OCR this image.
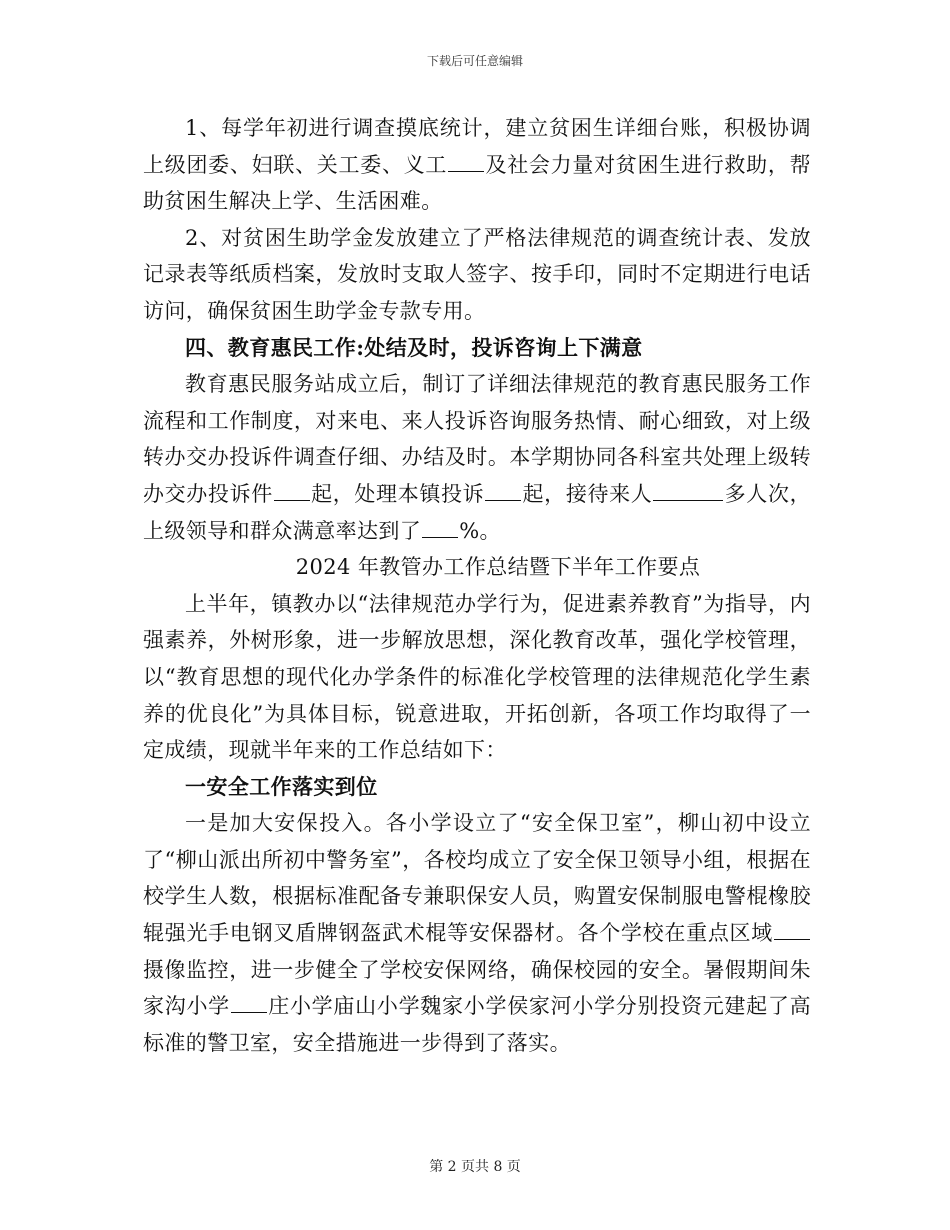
下载后可任意编辑

1、每学年初进行调查摸底统计，建立贫困生详细台账，积极协调上级团委、妇联、关工委、义工 及社会力量对贫困生进行救助，帮助贫困生解决上学、生活困难。

2、对贫困生助学金发放建立了严格法律规范的调查统计表、发放记录表等纸质档案，发放时支取人签字、按手印，同时不定期进行电话访问，确保贫困生助学金专款专用。

四、教育惠民工作:处结及时，投诉咨询上下满意

教育惠民服务站成立后，制订了详细法律规范的教育惠民服务工作流程和工作制度，对来电、来人投诉咨询服务热情、耐心细致，对上级转办交办投诉件调查仔细、办结及时。本学期协同各科室共处理上级转办交办投诉件 起，处理本镇投诉 起，接待来人	多人次，上级领导和群众满意率达到了 %。

2024 年教管办工作总结暨下半年工作要点

上半年，镇教办以“法律规范办学行为，促进素养教育”为指导，内强素养，外树形象，进一步解放思想，深化教育改革，强化学校管理，以“教育思想的现代化办学条件的标准化学校管理的法律规范化学生素养的优良化”为具体目标，锐意进取，开拓创新，各项工作均取得了一定成绩，现就半年来的工作总结如下：

一安全工作落实到位

一是加大安保投入。各小学设立了“安全保卫室”，柳山初中设立了“柳山派出所初中警务室”，各校均成立了安全保卫领导小组，根据在校学生人数，根据标准配备专兼职保安人员，购置安保制服电警棍橡胶辊强光手电钢叉盾牌钢盔武术棍等安保器材。各个学校在重点区域摄像监控，进一步健全了学校安保网络，确保校园的安全。暑假期间朱家沟小学 庄小学庙山小学魏家小学侯家河小学分别投资元建起了高标准的警卫室，安全措施进一步得到了落实。

第 2 页共 8 页
